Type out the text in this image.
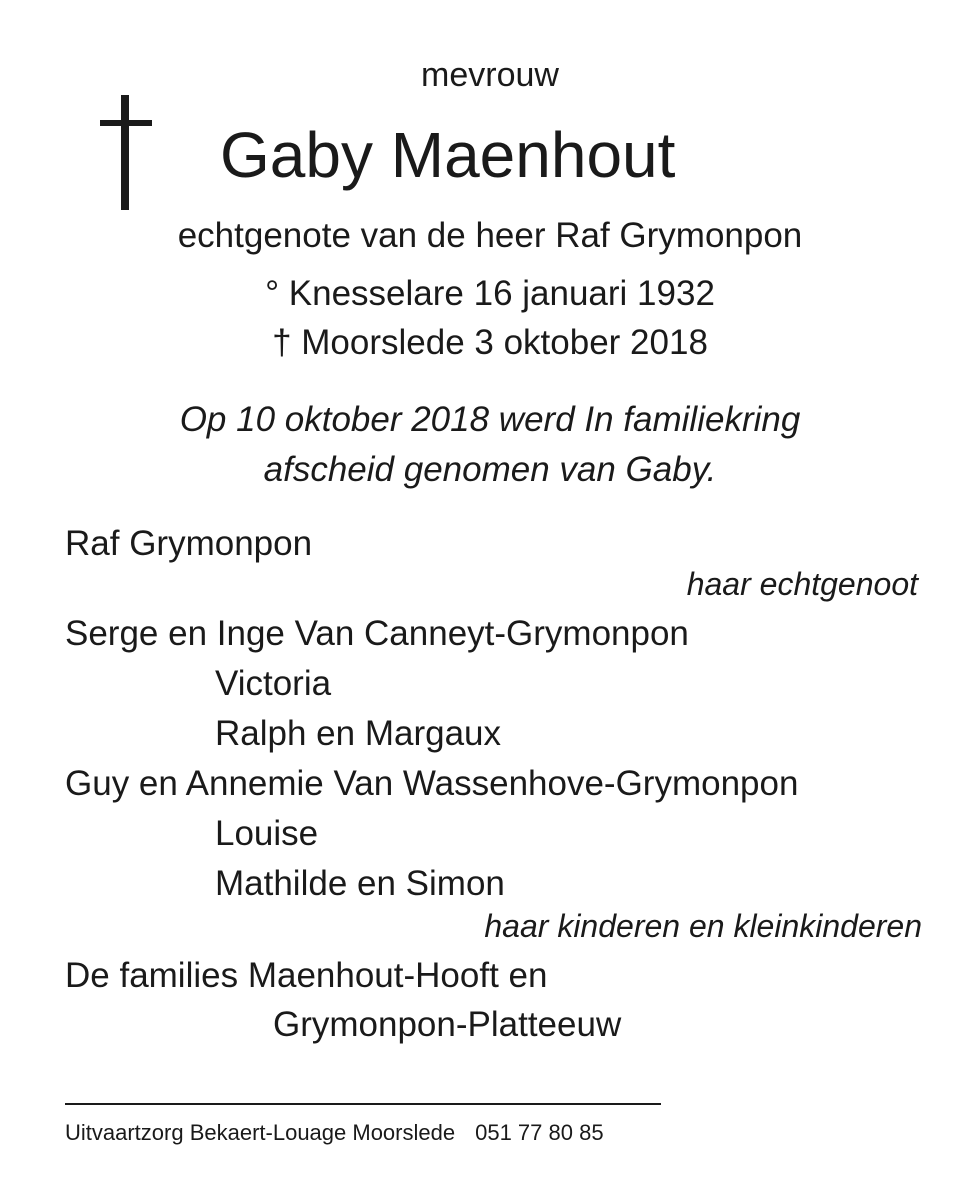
mevrouw
Gaby Maenhout
echtgenote van de heer Raf Grymonpon
° Knesselare 16 januari 1932
† Moorslede 3 oktober 2018
Op 10 oktober 2018 werd In familiekring
afscheid genomen van Gaby.
Raf Grymonpon
haar echtgenoot
Serge en Inge Van Canneyt-Grymonpon
Victoria
Ralph en Margaux
Guy en Annemie Van Wassenhove-Grymonpon
Louise
Mathilde en Simon
haar kinderen en kleinkinderen
De families Maenhout-Hooft en
Grymonpon-Platteeuw
Uitvaartzorg Bekaert-Louage Moorslede 051 77 80 85
